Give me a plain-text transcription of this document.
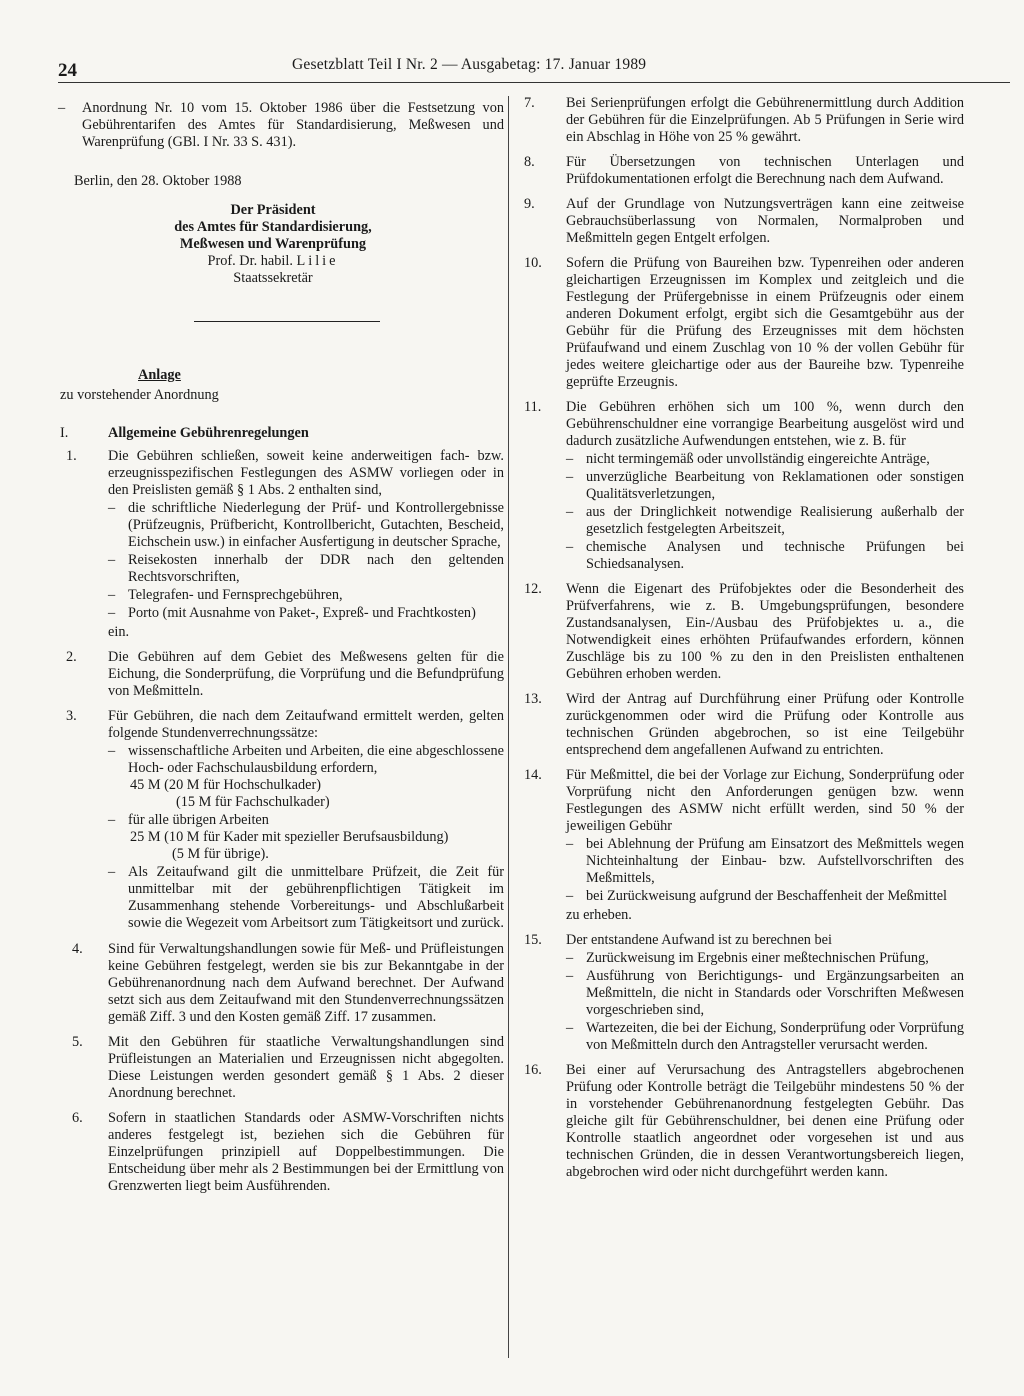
24	Gesetzblatt Teil I Nr. 2 — Ausgabetag: 17. Januar 1989
– Anordnung Nr. 10 vom 15. Oktober 1986 über die Festsetzung von Gebührentarifen des Amtes für Standardisierung, Meßwesen und Warenprüfung (GBl. I Nr. 33 S. 431).
Berlin, den 28. Oktober 1988
Der Präsident
des Amtes für Standardisierung,
Meßwesen und Warenprüfung
Prof. Dr. habil. Lilie
Staatssekretär
Anlage
zu vorstehender Anordnung
I.	Allgemeine Gebührenregelungen
1. Die Gebühren schließen, soweit keine anderweitigen fach- bzw. erzeugnisspezifischen Festlegungen des ASMW vorliegen oder in den Preislisten gemäß § 1 Abs. 2 enthalten sind,
– die schriftliche Niederlegung der Prüf- und Kontrollergebnisse (Prüfzeugnis, Prüfbericht, Kontrollbericht, Gutachten, Bescheid, Eichschein usw.) in einfacher Ausfertigung in deutscher Sprache,
– Reisekosten innerhalb der DDR nach den geltenden Rechtsvorschriften,
– Telegrafen- und Fernsprechgebühren,
– Porto (mit Ausnahme von Paket-, Expreß- und Frachtkosten)
ein.
2. Die Gebühren auf dem Gebiet des Meßwesens gelten für die Eichung, die Sonderprüfung, die Vorprüfung und die Befundprüfung von Meßmitteln.
3. Für Gebühren, die nach dem Zeitaufwand ermittelt werden, gelten folgende Stundenverrechnungssätze:
– wissenschaftliche Arbeiten und Arbeiten, die eine abgeschlossene Hoch- oder Fachschulausbildung erfordern,
45 M (20 M für Hochschulkader)
(15 M für Fachschulkader)
– für alle übrigen Arbeiten
25 M (10 M für Kader mit spezieller Berufsausbildung)
(5 M für übrige).
– Als Zeitaufwand gilt die unmittelbare Prüfzeit, die Zeit für unmittelbar mit der gebührenpflichtigen Tätigkeit im Zusammenhang stehende Vorbereitungs- und Abschlußarbeit sowie die Wegezeit vom Arbeitsort zum Tätigkeitsort und zurück.
4. Sind für Verwaltungshandlungen sowie für Meß- und Prüfleistungen keine Gebühren festgelegt, werden sie bis zur Bekanntgabe in der Gebührenanordnung nach dem Aufwand berechnet. Der Aufwand setzt sich aus dem Zeitaufwand mit den Stundenverrechnungssätzen gemäß Ziff. 3 und den Kosten gemäß Ziff. 17 zusammen.
5. Mit den Gebühren für staatliche Verwaltungshandlungen sind Prüfleistungen an Materialien und Erzeugnissen nicht abgegolten. Diese Leistungen werden gesondert gemäß § 1 Abs. 2 dieser Anordnung berechnet.
6. Sofern in staatlichen Standards oder ASMW-Vorschriften nichts anderes festgelegt ist, beziehen sich die Gebühren für Einzelprüfungen prinzipiell auf Doppelbestimmungen. Die Entscheidung über mehr als 2 Bestimmungen bei der Ermittlung von Grenzwerten liegt beim Ausführenden.
7. Bei Serienprüfungen erfolgt die Gebührenermittlung durch Addition der Gebühren für die Einzelprüfungen. Ab 5 Prüfungen in Serie wird ein Abschlag in Höhe von 25 % gewährt.
8. Für Übersetzungen von technischen Unterlagen und Prüfdokumentationen erfolgt die Berechnung nach dem Aufwand.
9. Auf der Grundlage von Nutzungsverträgen kann eine zeitweise Gebrauchsüberlassung von Normalen, Normalproben und Meßmitteln gegen Entgelt erfolgen.
10. Sofern die Prüfung von Baureihen bzw. Typenreihen oder anderen gleichartigen Erzeugnissen im Komplex und zeitgleich und die Festlegung der Prüfergebnisse in einem Prüfzeugnis oder einem anderen Dokument erfolgt, ergibt sich die Gesamtgebühr aus der Gebühr für die Prüfung des Erzeugnisses mit dem höchsten Prüfaufwand und einem Zuschlag von 10 % der vollen Gebühr für jedes weitere gleichartige oder aus der Baureihe bzw. Typenreihe geprüfte Erzeugnis.
11. Die Gebühren erhöhen sich um 100 %, wenn durch den Gebührenschuldner eine vorrangige Bearbeitung ausgelöst wird und dadurch zusätzliche Aufwendungen entstehen, wie z. B. für
– nicht termingemäß oder unvollständig eingereichte Anträge,
– unverzügliche Bearbeitung von Reklamationen oder sonstigen Qualitätsverletzungen,
– aus der Dringlichkeit notwendige Realisierung außerhalb der gesetzlich festgelegten Arbeitszeit,
– chemische Analysen und technische Prüfungen bei Schiedsanalysen.
12. Wenn die Eigenart des Prüfobjektes oder die Besonderheit des Prüfverfahrens, wie z. B. Umgebungsprüfungen, besondere Zustandsanalysen, Ein-/Ausbau des Prüfobjektes u. a., die Notwendigkeit eines erhöhten Prüfaufwandes erfordern, können Zuschläge bis zu 100 % zu den in den Preislisten enthaltenen Gebühren erhoben werden.
13. Wird der Antrag auf Durchführung einer Prüfung oder Kontrolle zurückgenommen oder wird die Prüfung oder Kontrolle aus technischen Gründen abgebrochen, so ist eine Teilgebühr entsprechend dem angefallenen Aufwand zu entrichten.
14. Für Meßmittel, die bei der Vorlage zur Eichung, Sonderprüfung oder Vorprüfung nicht den Anforderungen genügen bzw. wenn Festlegungen des ASMW nicht erfüllt werden, sind 50 % der jeweiligen Gebühr
– bei Ablehnung der Prüfung am Einsatzort des Meßmittels wegen Nichteinhaltung der Einbau- bzw. Aufstellvorschriften des Meßmittels,
– bei Zurückweisung aufgrund der Beschaffenheit der Meßmittel
zu erheben.
15. Der entstandene Aufwand ist zu berechnen bei
– Zurückweisung im Ergebnis einer meßtechnischen Prüfung,
– Ausführung von Berichtigungs- und Ergänzungsarbeiten an Meßmitteln, die nicht in Standards oder Vorschriften Meßwesen vorgeschrieben sind,
– Wartezeiten, die bei der Eichung, Sonderprüfung oder Vorprüfung von Meßmitteln durch den Antragsteller verursacht werden.
16. Bei einer auf Verursachung des Antragstellers abgebrochenen Prüfung oder Kontrolle beträgt die Teilgebühr mindestens 50 % der in vorstehender Gebührenanordnung festgelegten Gebühr. Das gleiche gilt für Gebührenschuldner, bei denen eine Prüfung oder Kontrolle staatlich angeordnet oder vorgesehen ist und aus technischen Gründen, die in dessen Verantwortungsbereich liegen, abgebrochen wird oder nicht durchgeführt werden kann.
